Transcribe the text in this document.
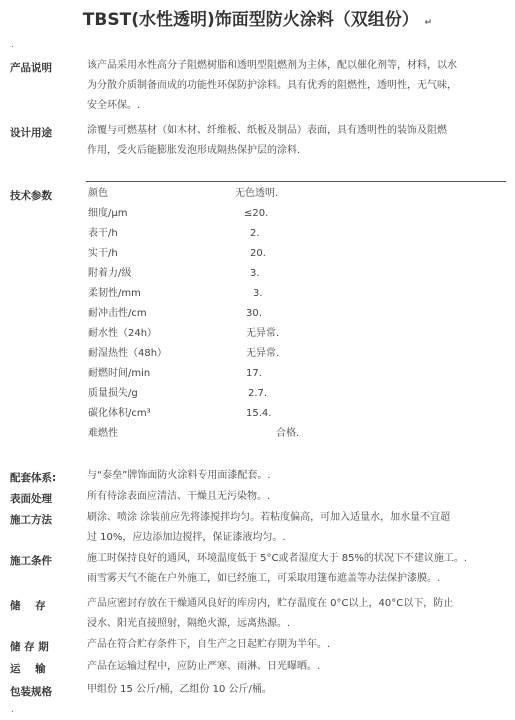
TBST(水性透明)饰面型防火涂料（双组份） ↵
.
产品说明	该产品采用水性高分子阻燃树脂和透明型阻燃剂为主体，配以催化剂等，材料，以水
为分散介质制备而成的功能性环保防护涂料。具有优秀的阻燃性，透明性，无气味，
安全环保。.
设计用途	涂覆与可燃基材（如木材、纤维板、纸板及制品）表面，具有透明性的装饰及阻燃
作用，受火后能膨胀发泡形成隔热保护层的涂料.
技术参数	颜色	无色透明.
细度/μm	≤20.
表干/h	2.
实干/h	20.
附着力/级	3.
柔韧性/mm	3.
耐冲击性/cm	30.
耐水性（24h）	无异常.
耐湿热性（48h）	无异常.
耐燃时间/min	17.
质量损失/g	2.7.
碳化体积/cm³	15.4.
难燃性	合格.
配套体系:	与“泰垒”牌饰面防火涂料专用面漆配套。.
表面处理	所有待涂表面应清洁、干燥且无污染物。.
施工方法	刷涂、喷涂 涂装前应先将漆搅拌均匀。若粘度偏高，可加入适量水，加水量不宜超
过 10%，应边添加边搅拌，保证漆液均匀。.
施工条件	施工时保持良好的通风，环境温度低于 5°C或者湿度大于 85%的状况下不建议施工。.
雨雪雾天气不能在户外施工，如已经施工，可采取用篷布遮盖等办法保护漆膜。.
储    存	产品应密封存放在干燥通风良好的库房内，贮存温度在 0°C以上，40°C以下，防止
浸水、阳光直接照射，隔绝火源，远离热源。.
储 存 期	产品在符合贮存条件下，自生产之日起贮存期为半年。.
运    输	产品在运输过程中，应防止严寒、雨淋、日光曝晒。.
包装规格	甲组份 15 公斤/桶，乙组份 10 公斤/桶。
.
